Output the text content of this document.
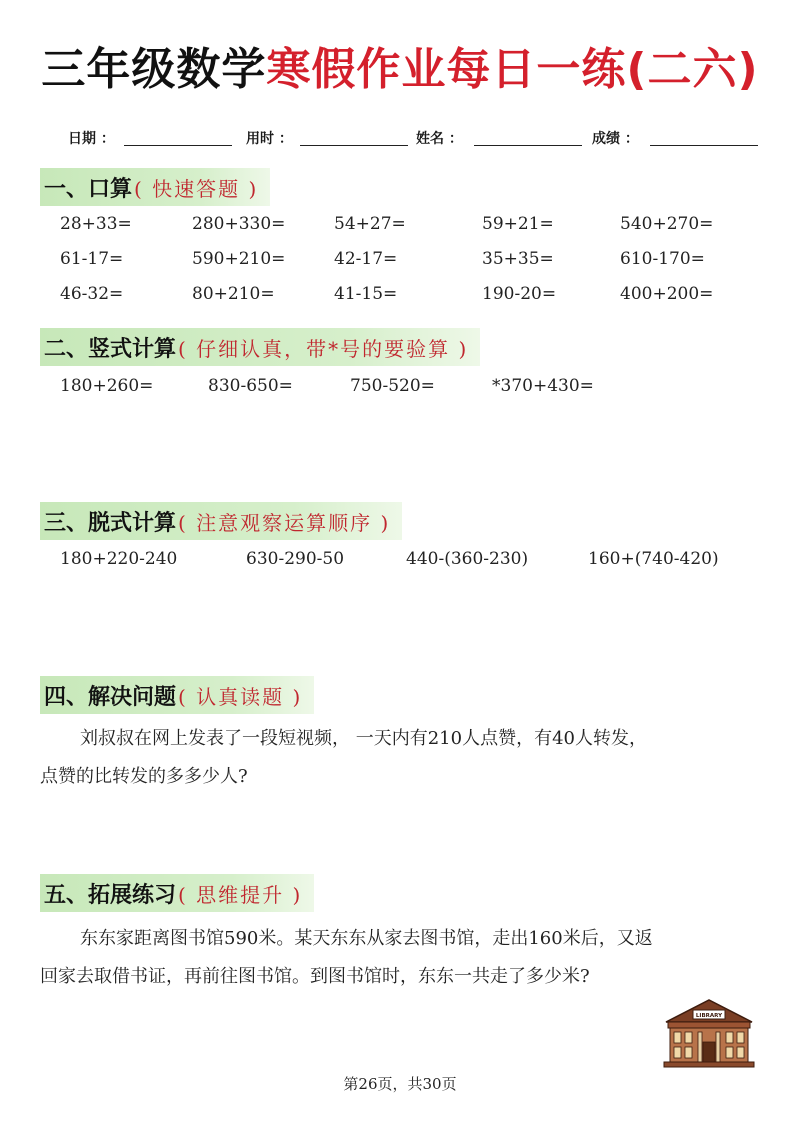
三年级数学寒假作业每日一练(二六)
日期 ：	用时 ：	姓名 ：	成绩 ：
一、口算 ( 快速答题 )
28+33=	280+330=	54+27=	59+21=	540+270=
61-17=	590+210=	42-17=	35+35=	610-170=
46-32=	80+210=	41-15=	190-20=	400+200=
二、竖式计算 ( 仔细认真，带*号的要验算 )
180+260=	830-650=	750-520=	*370+430=
三、脱式计算 ( 注意观察运算顺序 )
180+220-240	630-290-50	440-(360-230)	160+(740-420)
四、解决问题 ( 认真读题 )
刘叔叔在网上发表了一段短视频， 一天内有210人点赞，有40人转发，
点赞的比转发的多多少人?
五、拓展练习 ( 思维提升 )
东东家距离图书馆590米。某天东东从家去图书馆，走出160米后，又返
回家去取借书证，再前往图书馆。到图书馆时，东东一共走了多少米?
LIBRARY
第26页，共30页
